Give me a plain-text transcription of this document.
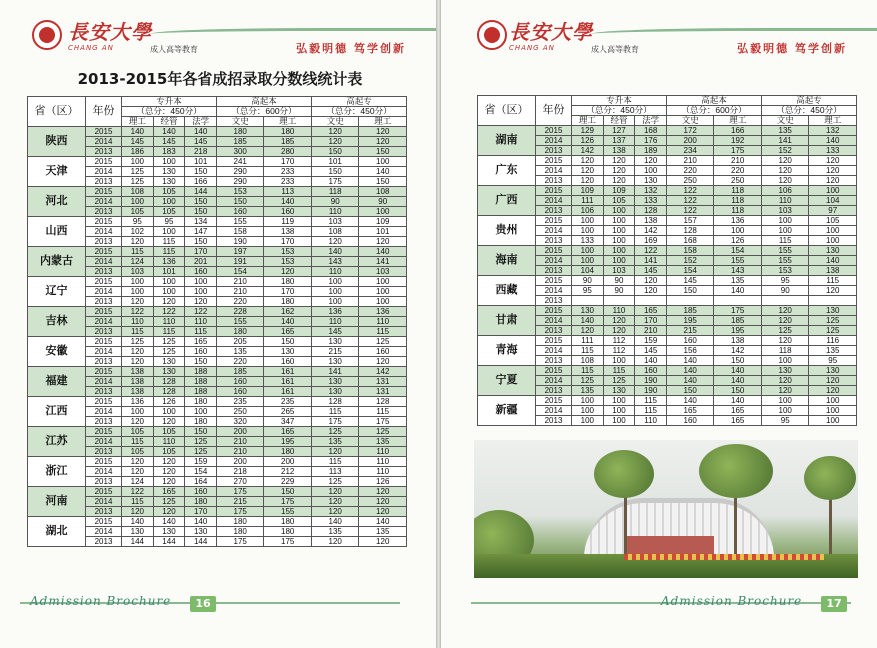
長安大學
CHANG AN	成人高等教育	弘毅明德 笃学创新
2013-2015年各省成招录取分数线统计表
省（区）	年份	专升本			高起本		高起专	
		（总分：450分）			（总分：600分）		（总分：450分）	
		理工	经管	法学	文史	理工	文史	理工
陕西	2015	140	140	140	180	180	120	120
	2014	145	145	145	185	185	120	120
	2013	186	183	218	300	280	150	150
天津	2015	100	100	101	241	170	101	100
	2014	125	130	150	290	233	150	140
	2013	125	130	166	290	233	175	150
河北	2015	108	105	144	153	113	118	108
	2014	100	100	150	150	140	90	90
	2013	105	105	150	160	160	110	100
山西	2015	95	95	134	155	119	103	109
	2014	102	100	147	158	138	108	101
	2013	120	115	150	190	170	120	120
内蒙古	2015	115	115	170	197	153	140	140
	2014	124	136	201	191	153	143	141
	2013	103	101	160	154	120	110	103
辽宁	2015	100	100	100	210	180	100	100
	2014	100	100	100	210	170	100	100
	2013	120	120	120	220	180	100	100
吉林	2015	122	122	122	228	162	136	136
	2014	110	110	110	155	140	110	110
	2013	115	115	115	180	165	145	115
安徽	2015	125	125	165	205	150	130	125
	2014	120	125	160	135	130	215	160
	2013	120	130	150	220	160	130	120
福建	2015	138	130	188	185	161	141	142
	2014	138	128	188	160	161	130	131
	2013	138	128	188	160	161	130	131
江西	2015	136	126	180	235	235	128	128
	2014	100	100	100	250	265	115	115
	2013	120	120	180	320	347	175	175
江苏	2015	105	105	150	200	165	125	125
	2014	115	110	125	210	195	135	135
	2013	105	105	125	210	180	120	110
浙江	2015	120	120	159	200	200	115	110
	2014	120	120	154	218	212	113	110
	2013	124	120	164	270	229	125	126
河南	2015	122	165	160	175	150	120	120
	2014	115	125	180	215	175	120	120
	2013	120	120	170	175	155	120	120
湖北	2015	140	140	140	180	180	140	140
	2014	130	130	130	180	180	135	135
	2013	144	144	144	175	175	120	120
Admission Brochure	16
長安大學
CHANG AN	成人高等教育	弘毅明德 笃学创新
省（区）	年份	专升本			高起本		高起专	
		（总分：450分）			（总分：600分）		（总分：450分）	
		理工	经管	法学	文史	理工	文史	理工
湖南	2015	129	127	168	172	166	135	132
	2014	126	137	176	200	192	141	140
	2013	142	138	189	234	175	152	133
广东	2015	120	120	120	210	210	120	120
	2014	120	120	100	220	220	120	120
	2013	120	120	130	250	250	120	120
广西	2015	109	109	132	122	118	106	100
	2014	111	105	133	122	118	110	104
	2013	106	100	128	122	118	103	97
贵州	2015	100	100	138	157	136	100	105
	2014	100	100	142	128	100	100	100
	2013	133	100	169	168	126	115	100
海南	2015	100	100	122	158	154	155	130
	2014	100	100	141	152	155	155	140
	2013	104	103	145	154	143	153	138
西藏	2015	90	90	120	145	135	95	115
	2014	95	90	120	150	140	90	120
	2013							
甘肃	2015	130	110	165	185	175	120	130
	2014	140	120	170	195	185	120	125
	2013	120	120	210	215	195	125	125
青海	2015	111	112	159	160	138	120	116
	2014	115	112	145	156	142	118	135
	2013	108	100	140	140	150	100	95
宁夏	2015	115	115	160	140	140	130	130
	2014	125	125	190	140	140	120	120
	2013	135	130	190	150	150	120	120
新疆	2015	100	100	115	140	140	100	100
	2014	100	100	115	165	165	100	100
	2013	100	100	110	160	165	95	100
Admission Brochure	17
